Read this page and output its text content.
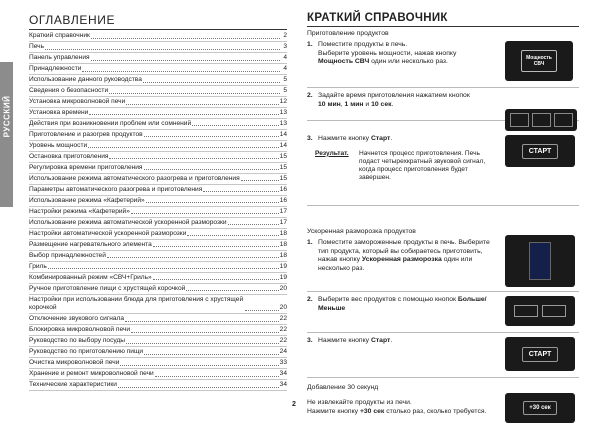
РУССКИЙ
ОГЛАВЛЕНИЕ
Краткий справочник	2
Печь	3
Панель управления	4
Принадлежности	4
Использование данного руководства	5
Сведения о безопасности	5
Установка микроволновой печи	12
Установка времени	13
Действия при возникновении проблем или сомнений	13
Приготовление и разогрев продуктов	14
Уровень мощности	14
Остановка приготовления	15
Регулировка времени приготовления	15
Использование режима автоматического разогрева и приготовления	15
Параметры автоматического разогрева и приготовления	16
Использование режима «Кафетерий»	16
Настройки режима «Кафетерий»	17
Использование режима автоматической ускоренной разморозки	17
Настройки автоматической ускоренной разморозки	18
Размещение нагревательного элемента	18
Выбор принадлежностей	18
Гриль	19
Комбинированный режим «СВЧ+Гриль»	19
Ручное приготовление пищи с хрустящей корочкой	20
Настройки при использовании блюда для приготовления с хрустящей корочкой	20
Отключение звукового сигнала	22
Блокировка микроволновой печи	22
Руководство по выбору посуды	22
Руководство по приготовлению пищи	24
Очистка микроволновой печи	33
Хранение и ремонт микроволновой печи	34
Технические характеристики	34
КРАТКИЙ СПРАВОЧНИК
Приготовление продуктов
1. Поместите продукты в печь.
Выберите уровень мощности, нажав кнопку
Мощность СВЧ один или несколько раз.
Мощность СВЧ
2. Задайте время приготовления нажатием кнопок
10 мин, 1 мин и 10 сек.
3. Нажмите кнопку Старт.
Результат.	Начнется процесс приготовления. Печь подаст четырехкратный звуковой сигнал, когда процесс приготовления будет завершен.
СТАРТ
Ускоренная разморозка продуктов
1. Поместите замороженные продукты в печь. Выберите тип продукта, который вы собираетесь приготовить, нажав кнопку Ускоренная разморозка один или несколько раз.
2. Выберите вес продуктов с помощью кнопок Больше/Меньше
3. Нажмите кнопку Старт.
СТАРТ
Добавление 30 секунд
Не извлекайте продукты из печи.
Нажмите кнопку +30 сек столько раз, сколько требуется.	+30 сек
2
